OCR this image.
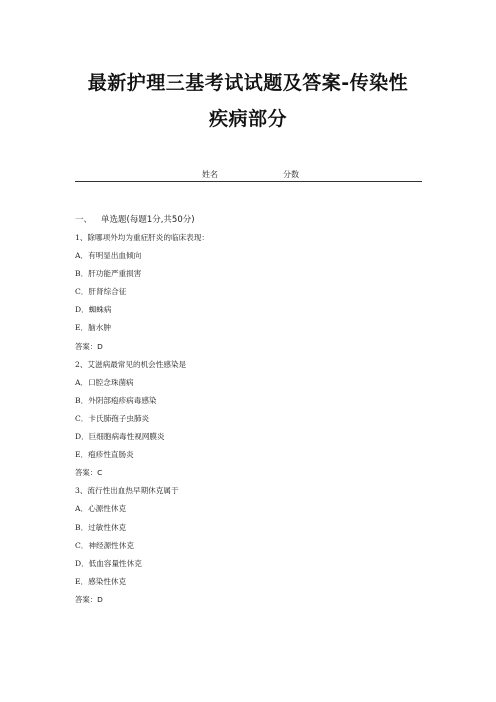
最新护理三基考试试题及答案-传染性
疾病部分
姓名	分数
一、 单选题(每题1分,共50分)
1、除哪项外均为重症肝炎的临床表现：
A．有明显出血倾向
B．肝功能严重损害
C．肝肾综合征
D．蜘蛛病
E．脑水肿
答案：D
2、艾滋病最常见的机会性感染是
A．口腔念珠菌病
B．外阴部疱疹病毒感染
C．卡氏肺孢子虫肺炎
D．巨细胞病毒性视网膜炎
E．疱疹性直肠炎
答案：C
3、流行性出血热早期休克属于
A．心源性休克
B．过敏性休克
C．神经源性休克
D．低血容量性休克
E．感染性休克
答案：D
